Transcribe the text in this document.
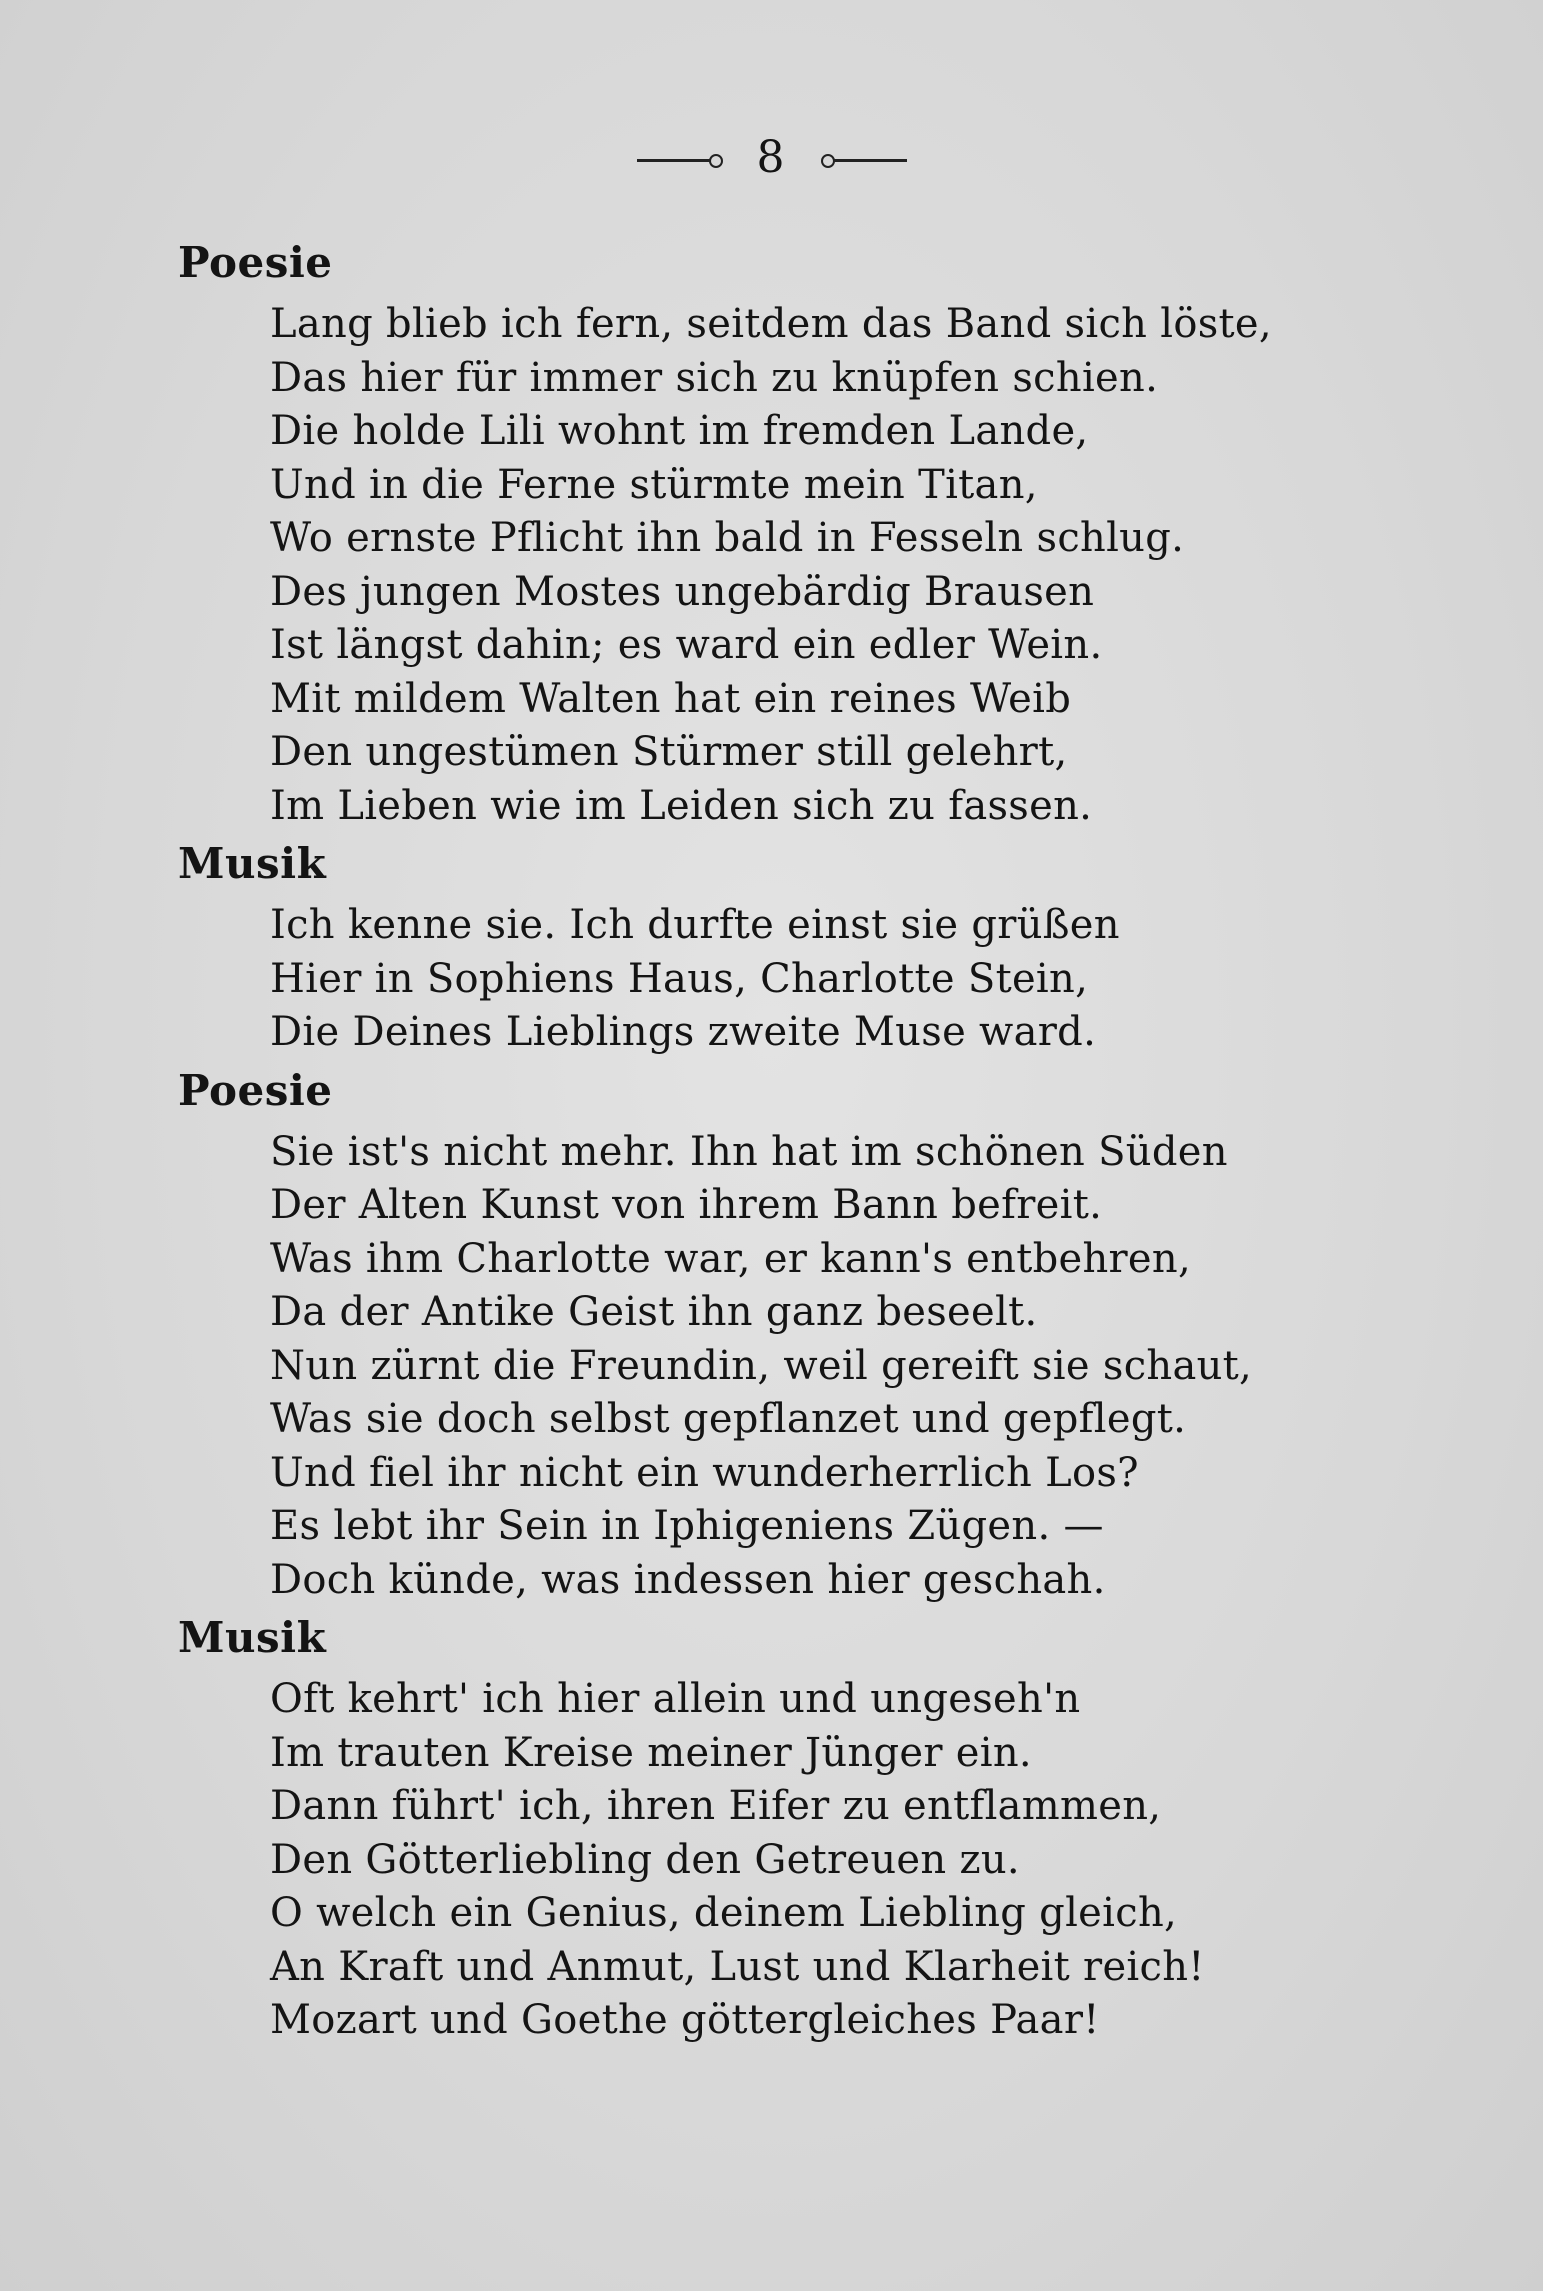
8
Poesie
Lang blieb ich fern, seitdem das Band sich löste,
Das hier für immer sich zu knüpfen schien.
Die holde Lili wohnt im fremden Lande,
Und in die Ferne stürmte mein Titan,
Wo ernste Pflicht ihn bald in Fesseln schlug.
Des jungen Mostes ungebärdig Brausen
Ist längst dahin; es ward ein edler Wein.
Mit mildem Walten hat ein reines Weib
Den ungestümen Stürmer still gelehrt,
Im Lieben wie im Leiden sich zu fassen.
Musik
Ich kenne sie. Ich durfte einst sie grüßen
Hier in Sophiens Haus, Charlotte Stein,
Die Deines Lieblings zweite Muse ward.
Poesie
Sie ist's nicht mehr. Ihn hat im schönen Süden
Der Alten Kunst von ihrem Bann befreit.
Was ihm Charlotte war, er kann's entbehren,
Da der Antike Geist ihn ganz beseelt.
Nun zürnt die Freundin, weil gereift sie schaut,
Was sie doch selbst gepflanzet und gepflegt.
Und fiel ihr nicht ein wunderherrlich Los?
Es lebt ihr Sein in Iphigeniens Zügen. —
Doch künde, was indessen hier geschah.
Musik
Oft kehrt' ich hier allein und ungeseh'n
Im trauten Kreise meiner Jünger ein.
Dann führt' ich, ihren Eifer zu entflammen,
Den Götterliebling den Getreuen zu.
O welch ein Genius, deinem Liebling gleich,
An Kraft und Anmut, Lust und Klarheit reich!
Mozart und Goethe göttergleiches Paar!
